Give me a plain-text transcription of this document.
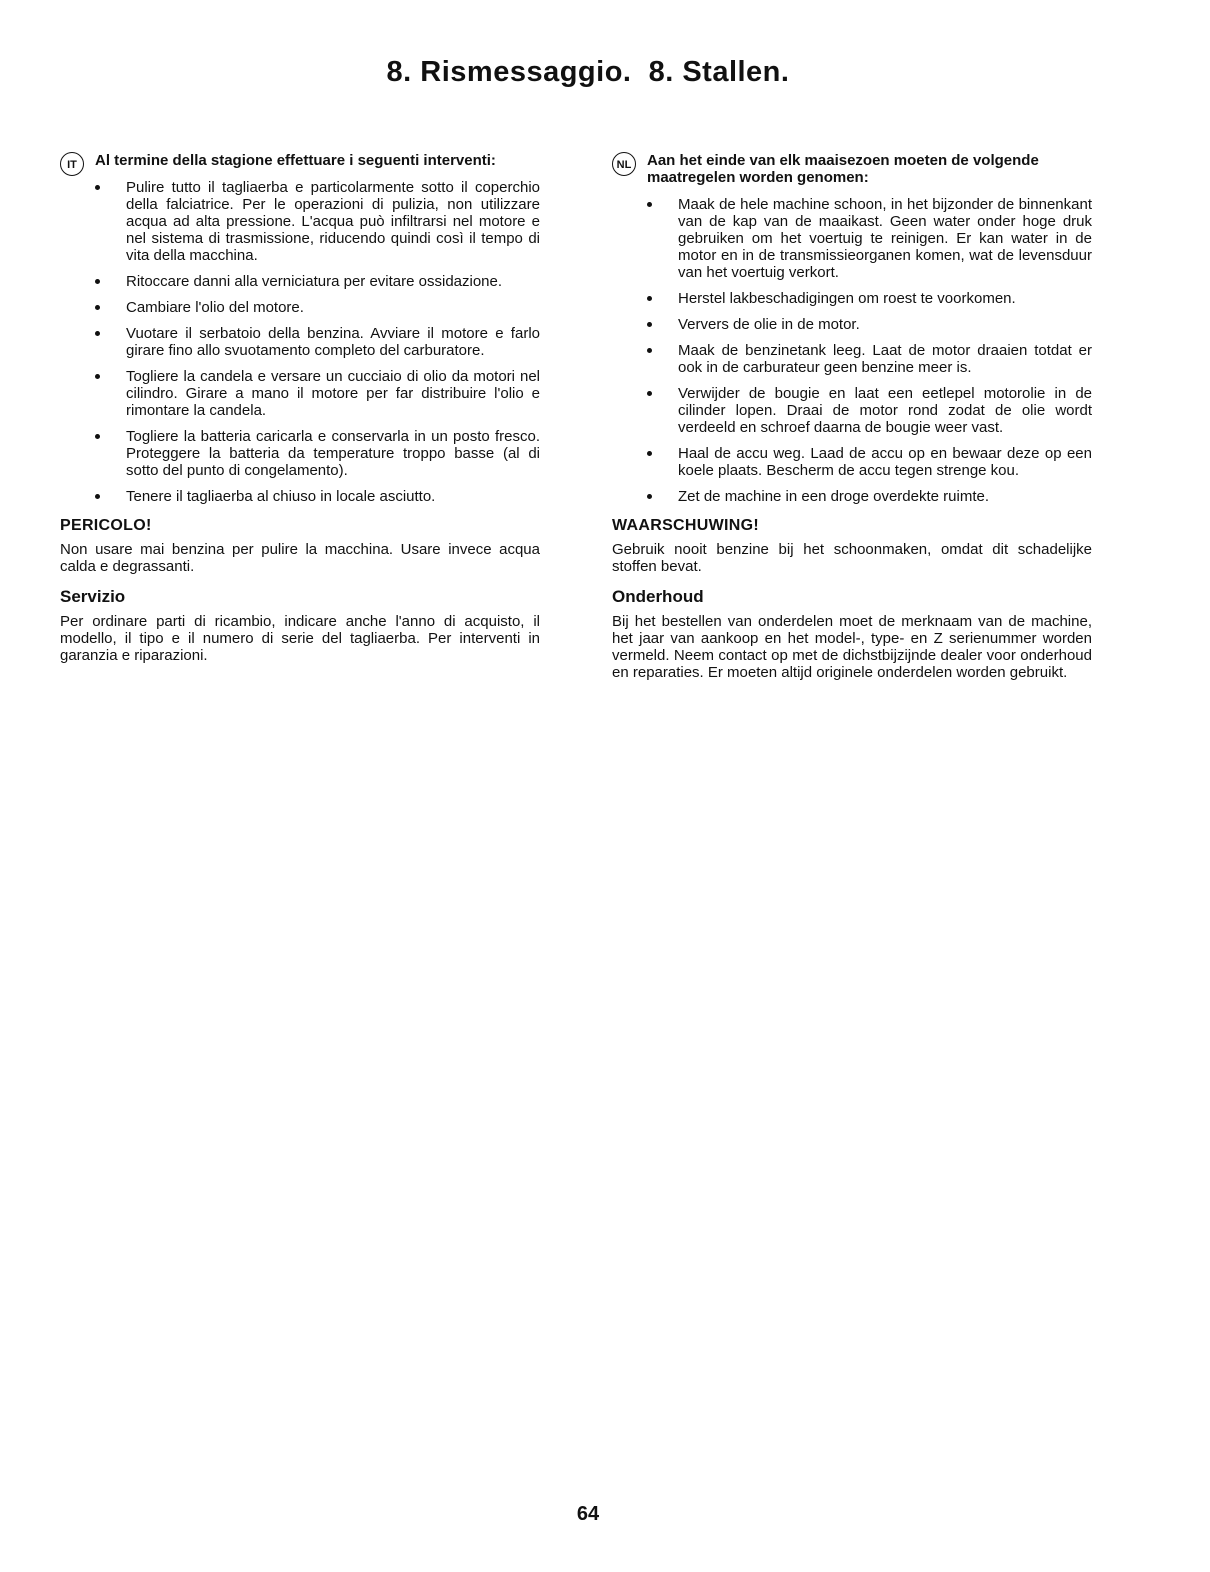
8. Rismessaggio.  8. Stallen.
IT	Al termine della stagione effettuare i seguenti interventi:
Pulire tutto il tagliaerba e particolarmente sotto il coperchio della falciatrice. Per le operazioni di pulizia, non utilizzare acqua ad alta pressione. L'acqua può infiltrarsi nel motore e nel sistema di trasmissione, riducendo quindi così il tempo di vita della macchina.
Ritoccare danni alla verniciatura per evitare ossidazione.
Cambiare l'olio del motore.
Vuotare il serbatoio della benzina. Avviare il motore e farlo girare fino allo svuotamento completo del carburatore.
Togliere la candela e versare un cucciaio di olio da motori nel cilindro. Girare a mano il motore per far distribuire l'olio e rimontare la candela.
Togliere la batteria caricarla e conservarla in un posto fresco. Proteggere la batteria da temperature troppo basse (al di sotto del punto di congelamento).
Tenere il tagliaerba al chiuso in locale asciutto.
PERICOLO!
Non usare mai benzina per pulire la macchina. Usare invece acqua calda e degrassanti.
Servizio
Per ordinare parti di ricambio, indicare anche l'anno di acquisto, il modello, il tipo e il numero di serie del tagliaerba. Per interventi in garanzia e riparazioni.
NL	Aan het einde van elk maaisezoen moeten de volgende maatregelen worden genomen:
Maak de hele machine schoon, in het bijzonder de binnenkant van de kap van de maaikast. Geen water onder hoge druk gebruiken om het voertuig te reinigen. Er kan water in de motor en in de transmissieorganen komen, wat de levensduur van het voertuig verkort.
Herstel lakbeschadigingen om roest te voorkomen.
Ververs de olie in de motor.
Maak de benzinetank leeg. Laat de motor draaien totdat er ook in de carburateur geen benzine meer is.
Verwijder de bougie en laat een eetlepel motorolie in de cilinder lopen. Draai de motor rond zodat de olie wordt verdeeld en schroef daarna de bougie weer vast.
Haal de accu weg. Laad de accu op en bewaar deze op een koele plaats. Bescherm de accu tegen strenge kou.
Zet de machine in een droge overdekte ruimte.
WAARSCHUWING!
Gebruik nooit benzine bij het schoonmaken, omdat dit schadelijke stoffen bevat.
Onderhoud
Bij het bestellen van onderdelen moet de merknaam van de machine, het jaar van aankoop en het model-, type- en Z serienummer worden vermeld. Neem contact op met de dichstbijzijnde dealer voor onderhoud en reparaties. Er moeten altijd originele onderdelen worden gebruikt.
64
